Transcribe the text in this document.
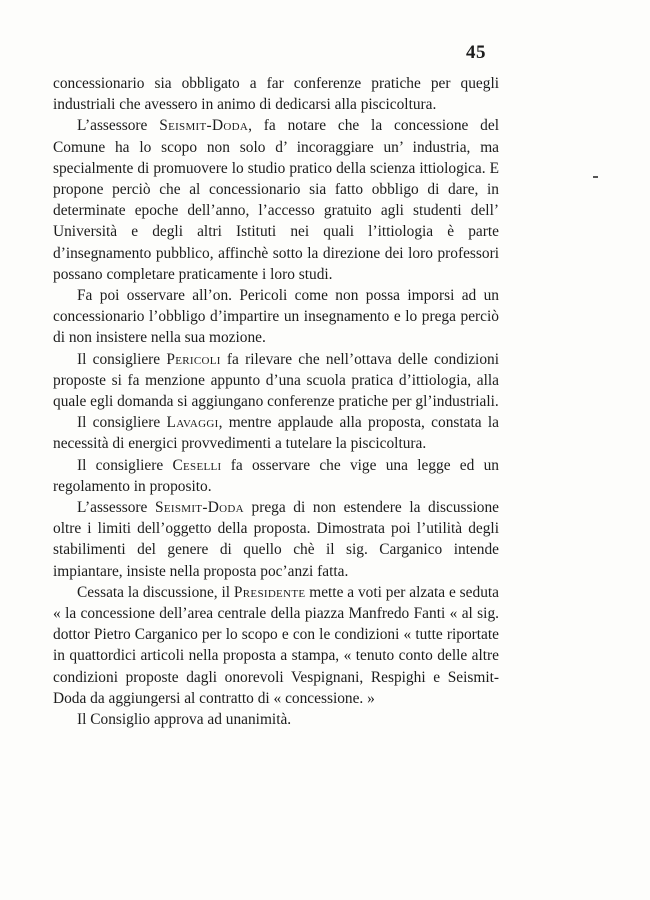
45

concessionario sia obbligato a far conferenze pratiche per quegli industriali che avessero in animo di dedicarsi alla piscicoltura.

L’assessore Seismit-Doda, fa notare che la concessione del Comune ha lo scopo non solo d’ incoraggiare un’ industria, ma specialmente di promuovere lo studio pratico della scienza ittiologica. E propone perciò che al concessionario sia fatto obbligo di dare, in determinate epoche dell’anno, l’accesso gratuito agli studenti dell’ Università e degli altri Istituti nei quali l’ittiologia è parte d’insegnamento pubblico, affinchè sotto la direzione dei loro professori possano completare praticamente i loro studi.

Fa poi osservare all’on. Pericoli come non possa imporsi ad un concessionario l’obbligo d’impartire un insegnamento e lo prega perciò di non insistere nella sua mozione.

Il consigliere Pericoli fa rilevare che nell’ottava delle condizioni proposte si fa menzione appunto d’una scuola pratica d’ittiologia, alla quale egli domanda si aggiungano conferenze pratiche per gl’industriali.

Il consigliere Lavaggi, mentre applaude alla proposta, constata la necessità di energici provvedimenti a tutelare la piscicoltura.

Il consigliere Ceselli fa osservare che vige una legge ed un regolamento in proposito.

L’assessore Seismit-Doda prega di non estendere la discussione oltre i limiti dell’oggetto della proposta. Dimostrata poi l’utilità degli stabilimenti del genere di quello chè il sig. Carganico intende impiantare, insiste nella proposta poc’anzi fatta.

Cessata la discussione, il Presidente mette a voti per alzata e seduta « la concessione dell’area centrale della piazza Manfredo Fanti « al sig. dottor Pietro Carganico per lo scopo e con le condizioni « tutte riportate in quattordici articoli nella proposta a stampa, « tenuto conto delle altre condizioni proposte dagli onorevoli Vespignani, Respighi e Seismit-Doda da aggiungersi al contratto di « concessione. »

Il Consiglio approva ad unanimità.
